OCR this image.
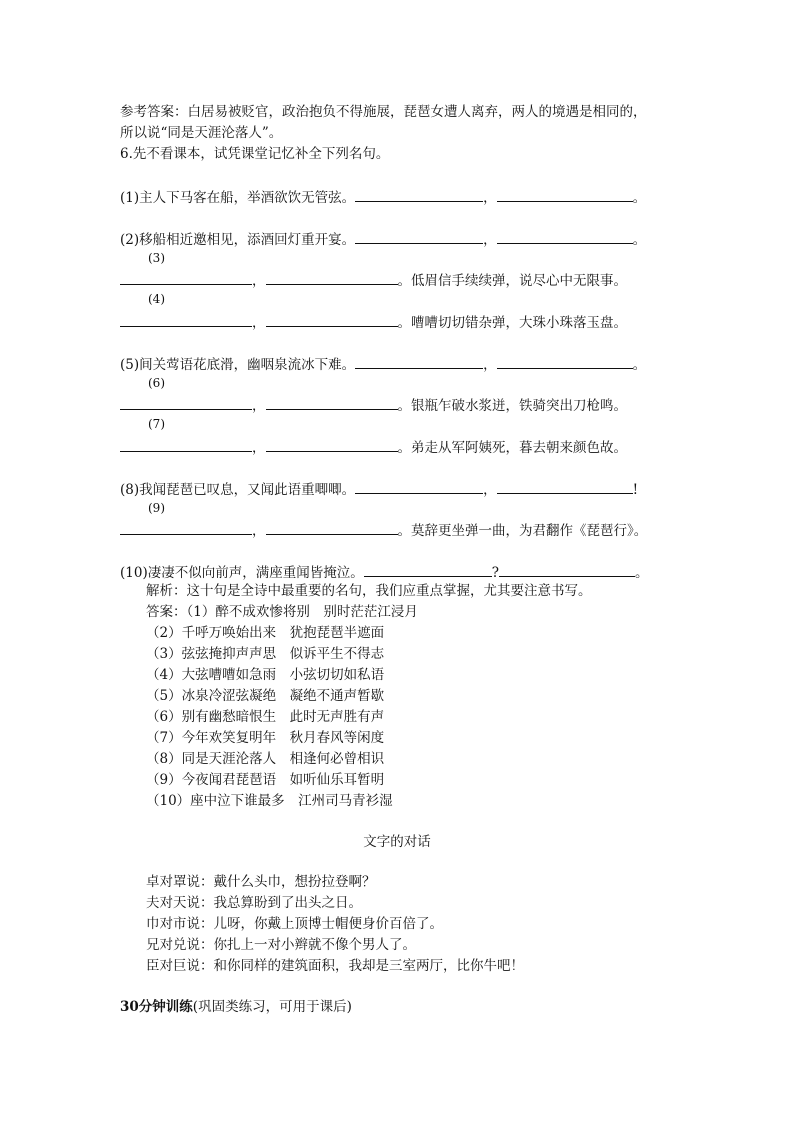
参考答案：白居易被贬官，政治抱负不得施展，琵琶女遭人离弃，两人的境遇是相同的，
所以说“同是天涯沦落人”。
6.先不看课本，试凭课堂记忆补全下列名句。
(1)主人下马客在船，举酒欲饮无管弦。	，	。
(2)移船相近邀相见，添酒回灯重开宴。	，	。
(3)
，	。低眉信手续续弹，说尽心中无限事。
(4)
，	。嘈嘈切切错杂弹，大珠小珠落玉盘。
(5)间关莺语花底滑，幽咽泉流冰下难。	，	。
(6)
，	。银瓶乍破水浆迸，铁骑突出刀枪鸣。
(7)
，	。弟走从军阿姨死，暮去朝来颜色故。
(8)我闻琵琶已叹息，又闻此语重唧唧。	，	!
(9)
，	。莫辞更坐弹一曲，为君翻作《琵琶行》。
(10)凄凄不似向前声，满座重闻皆掩泣。	?	。
解析：这十句是全诗中最重要的名句，我们应重点掌握，尤其要注意书写。
答案：（1）醉不成欢惨将别　别时茫茫江浸月
（2）千呼万唤始出来　犹抱琵琶半遮面
（3）弦弦掩抑声声思　似诉平生不得志
（4）大弦嘈嘈如急雨　小弦切切如私语
（5）冰泉冷涩弦凝绝　凝绝不通声暂歇
（6）别有幽愁暗恨生　此时无声胜有声
（7）今年欢笑复明年　秋月春风等闲度
（8）同是天涯沦落人　相逢何必曾相识
（9）今夜闻君琵琶语　如听仙乐耳暂明
（10）座中泣下谁最多　江州司马青衫湿
文字的对话
卓对罩说：戴什么头巾，想扮拉登啊？
夫对天说：我总算盼到了出头之日。
巾对市说：儿呀，你戴上顶博士帽便身价百倍了。
兄对兑说：你扎上一对小辫就不像个男人了。
臣对巨说：和你同样的建筑面积，我却是三室两厅，比你牛吧！
30分钟训练(巩固类练习，可用于课后)
